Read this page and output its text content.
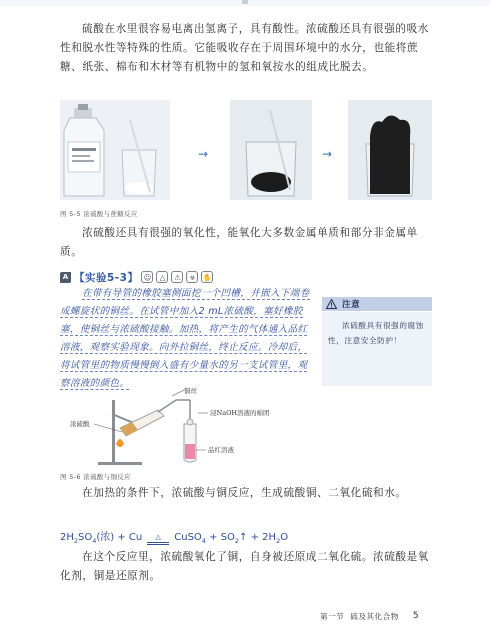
硫酸在水里很容易电离出氢离子，具有酸性。浓硫酸还具有很强的吸水性和脱水性等特殊的性质。它能吸收存在于周围环境中的水分，也能将蔗糖、纸张、棉布和木材等有机物中的氢和氧按水的组成比脱去。

→	→
图 5-5 浓硫酸与蔗糖反应

浓硫酸还具有很强的氧化性，能氧化大多数金属单质和部分非金属单质。

A 【实验5-3】 ☺	△	⚠	☣ ✋

在带有导管的橡胶塞侧面挖一个凹槽，并嵌入下端卷成螺旋状的铜丝。在试管中加入2 mL浓硫酸，塞好橡胶塞，使铜丝与浓硫酸接触。加热，将产生的气体通入品红溶液，观察实验现象。向外拉铜丝，终止反应。冷却后，将试管里的物质慢慢倒入盛有少量水的另一支试管里，观察溶液的颜色。

注意
浓硫酸具有很强的腐蚀性，注意安全防护！
铜丝
浸NaOH溶液的棉团
浓硫酸
品红溶液
图 5-6 浓硫酸与铜反应

在加热的条件下，浓硫酸与铜反应，生成硫酸铜、二氧化硫和水。

$2H_2SO_4$(浓) + Cu △ CuSO$_4$ + $SO_2↑ + 2H_2O$

在这个反应里，浓硫酸氧化了铜，自身被还原成二氧化硫。浓硫酸是氧化剂，铜是还原剂。

第一节 硫及其化合物 5
